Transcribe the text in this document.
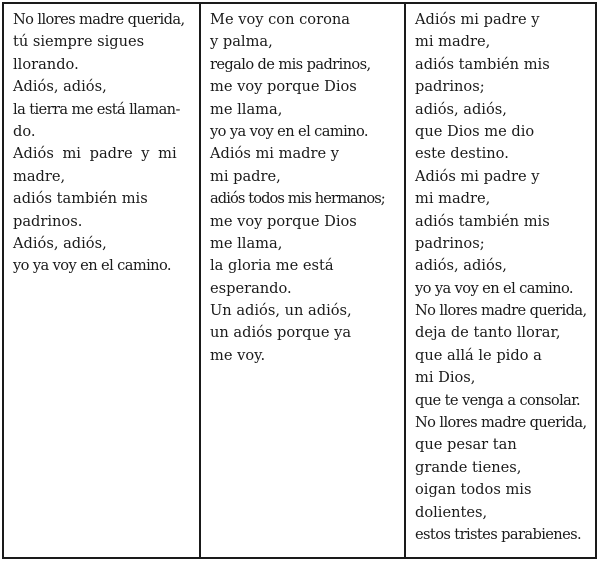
No llores madre querida,
tú siempre sigues
llorando.
Adiós, adiós,
la tierra me está llaman-
do.
Adiós mi padre y mi
madre,
adiós también mis
padrinos.
Adiós, adiós,
yo ya voy en el camino.
Me voy con corona
y palma,
regalo de mis padrinos,
me voy porque Dios
me llama,
yo ya voy en el camino.
Adiós mi madre y
mi padre,
adiós todos mis hermanos;
me voy porque Dios
me llama,
la gloria me está
esperando.
Un adiós, un adiós,
un adiós porque ya
me voy.
Adiós mi padre y
mi madre,
adiós también mis
padrinos;
adiós, adiós,
que Dios me dio
este destino.
Adiós mi padre y
mi madre,
adiós también mis
padrinos;
adiós, adiós,
yo ya voy en el camino.
No llores madre querida,
deja de tanto llorar,
que allá le pido a
mi Dios,
que te venga a consolar.
No llores madre querida,
que pesar tan
grande tienes,
oigan todos mis
dolientes,
estos tristes parabienes.
